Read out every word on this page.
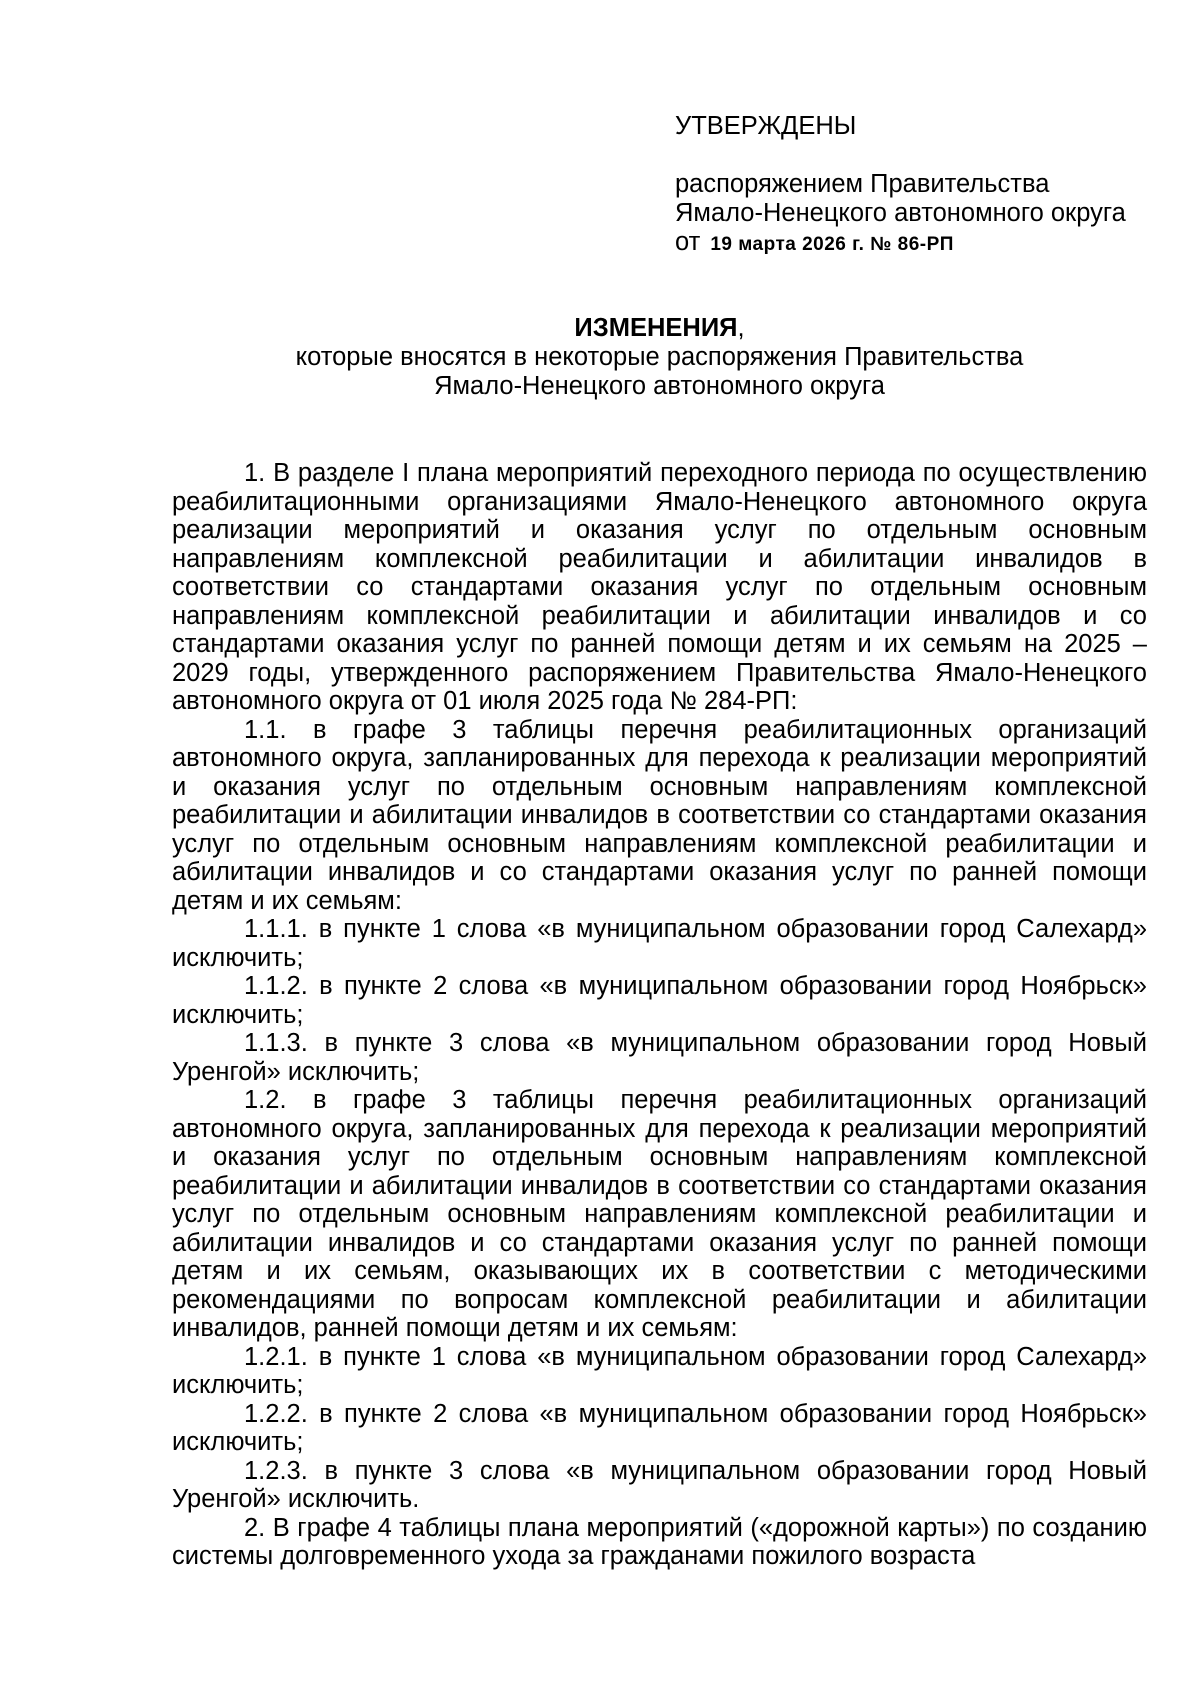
УТВЕРЖДЕНЫ
распоряжением Правительства
Ямало-Ненецкого автономного округа
от 19 марта 2026 г. № 86-РП
ИЗМЕНЕНИЯ,
которые вносятся в некоторые распоряжения Правительства
Ямало-Ненецкого автономного округа

1. В разделе I плана мероприятий переходного периода по осуществлению реабилитационными организациями Ямало-Ненецкого автономного округа реализации мероприятий и оказания услуг по отдельным основным направлениям комплексной реабилитации и абилитации инвалидов в соответствии со стандартами оказания услуг по отдельным основным направлениям комплексной реабилитации и абилитации инвалидов и со стандартами оказания услуг по ранней помощи детям и их семьям на 2025 – 2029 годы, утвержденного распоряжением Правительства Ямало-Ненецкого автономного округа от 01 июля 2025 года № 284-РП:

1.1. в графе 3 таблицы перечня реабилитационных организаций автономного округа, запланированных для перехода к реализации мероприятий и оказания услуг по отдельным основным направлениям комплексной реабилитации и абилитации инвалидов в соответствии со стандартами оказания услуг по отдельным основным направлениям комплексной реабилитации и абилитации инвалидов и со стандартами оказания услуг по ранней помощи детям и их семьям:

1.1.1. в пункте 1 слова «в муниципальном образовании город Салехард» исключить;

1.1.2. в пункте 2 слова «в муниципальном образовании город Ноябрьск» исключить;

1.1.3. в пункте 3 слова «в муниципальном образовании город Новый Уренгой» исключить;

1.2. в графе 3 таблицы перечня реабилитационных организаций автономного округа, запланированных для перехода к реализации мероприятий и оказания услуг по отдельным основным направлениям комплексной реабилитации и абилитации инвалидов в соответствии со стандартами оказания услуг по отдельным основным направлениям комплексной реабилитации и абилитации инвалидов и со стандартами оказания услуг по ранней помощи детям и их семьям, оказывающих их в соответствии с методическими рекомендациями по вопросам комплексной реабилитации и абилитации инвалидов, ранней помощи детям и их семьям:

1.2.1. в пункте 1 слова «в муниципальном образовании город Салехард» исключить;

1.2.2. в пункте 2 слова «в муниципальном образовании город Ноябрьск» исключить;

1.2.3. в пункте 3 слова «в муниципальном образовании город Новый Уренгой» исключить.

2. В графе 4 таблицы плана мероприятий («дорожной карты») по созданию системы долговременного ухода за гражданами пожилого возраста
